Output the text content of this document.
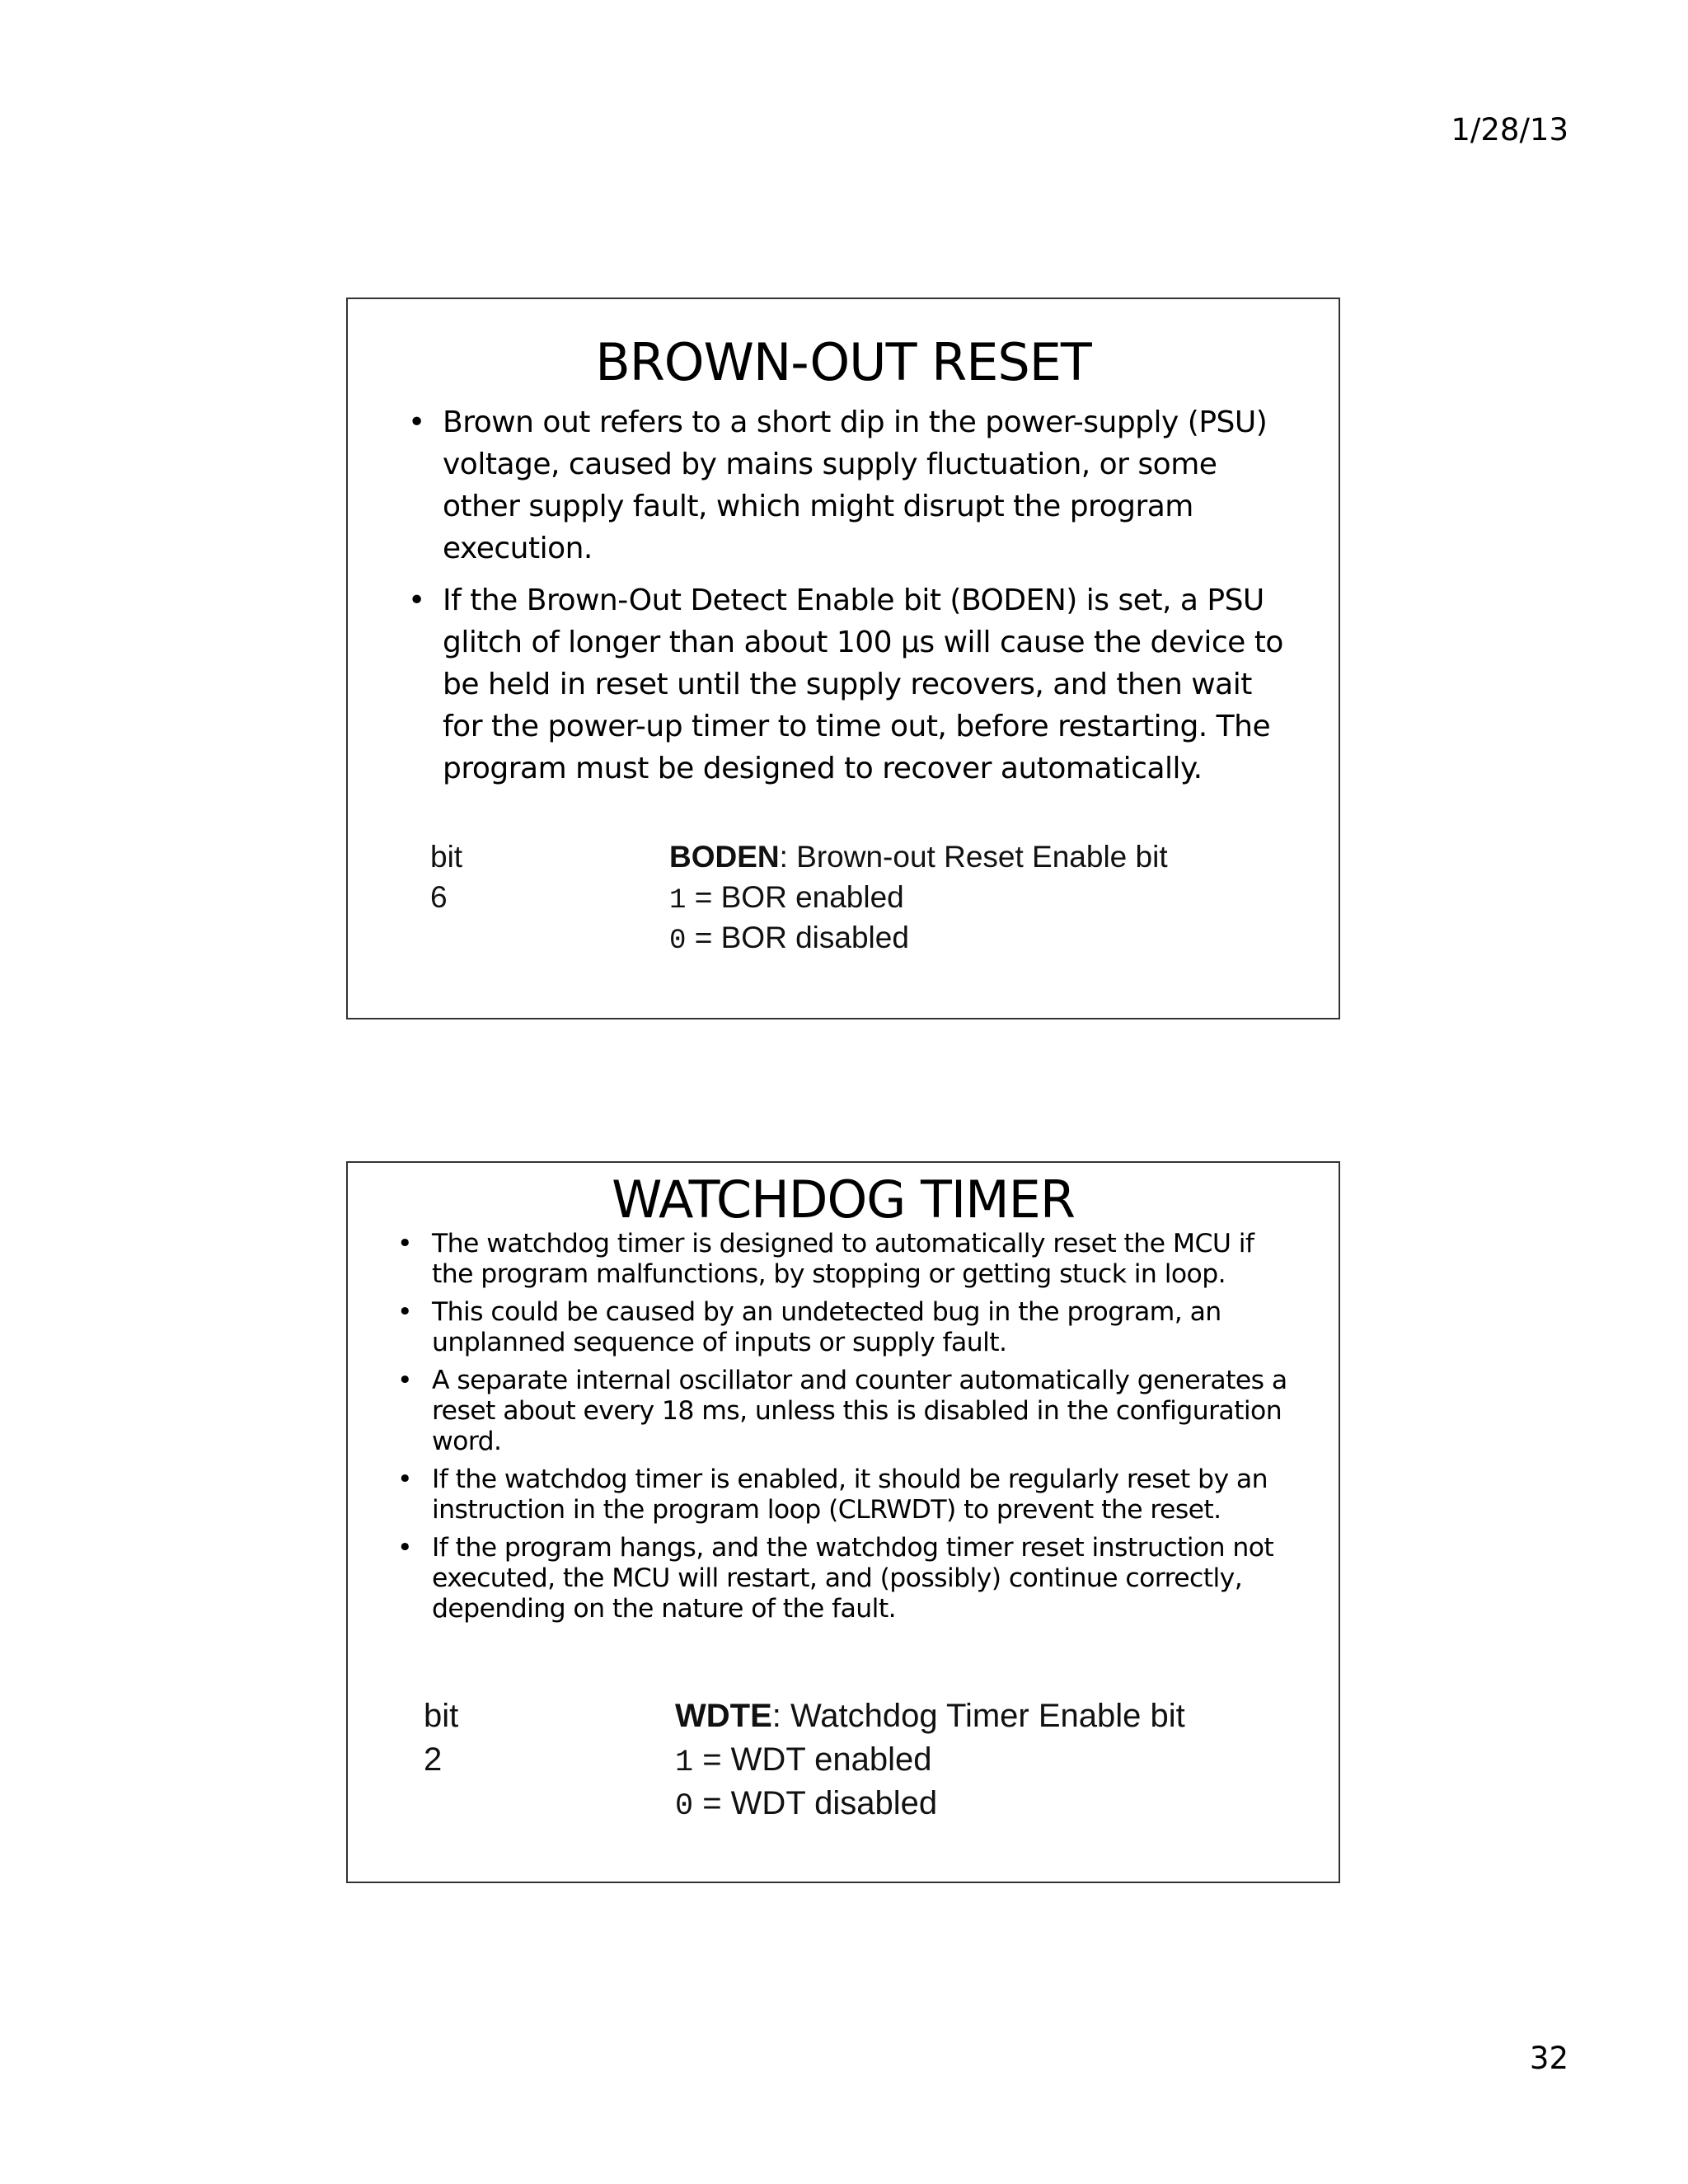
1/28/13
BROWN-OUT RESET
• Brown out refers to a short dip in the power-supply (PSU) voltage, caused by mains supply fluctuation, or some other supply fault, which might disrupt the program execution.
• If the Brown-Out Detect Enable bit (BODEN) is set, a PSU glitch of longer than about 100 µs will cause the device to be held in reset until the supply recovers, and then wait for the power-up timer to time out, before restarting. The program must be designed to recover automatically.
bit 6
BODEN: Brown-out Reset Enable bit
1 = BOR enabled
0 = BOR disabled
WATCHDOG TIMER
• The watchdog timer is designed to automatically reset the MCU if the program malfunctions, by stopping or getting stuck in loop.
• This could be caused by an undetected bug in the program, an unplanned sequence of inputs or supply fault.
• A separate internal oscillator and counter automatically generates a reset about every 18 ms, unless this is disabled in the configuration word.
• If the watchdog timer is enabled, it should be regularly reset by an instruction in the program loop (CLRWDT) to prevent the reset.
• If the program hangs, and the watchdog timer reset instruction not executed, the MCU will restart, and (possibly) continue correctly, depending on the nature of the fault.
bit 2
WDTE: Watchdog Timer Enable bit
1 = WDT enabled
0 = WDT disabled
32
